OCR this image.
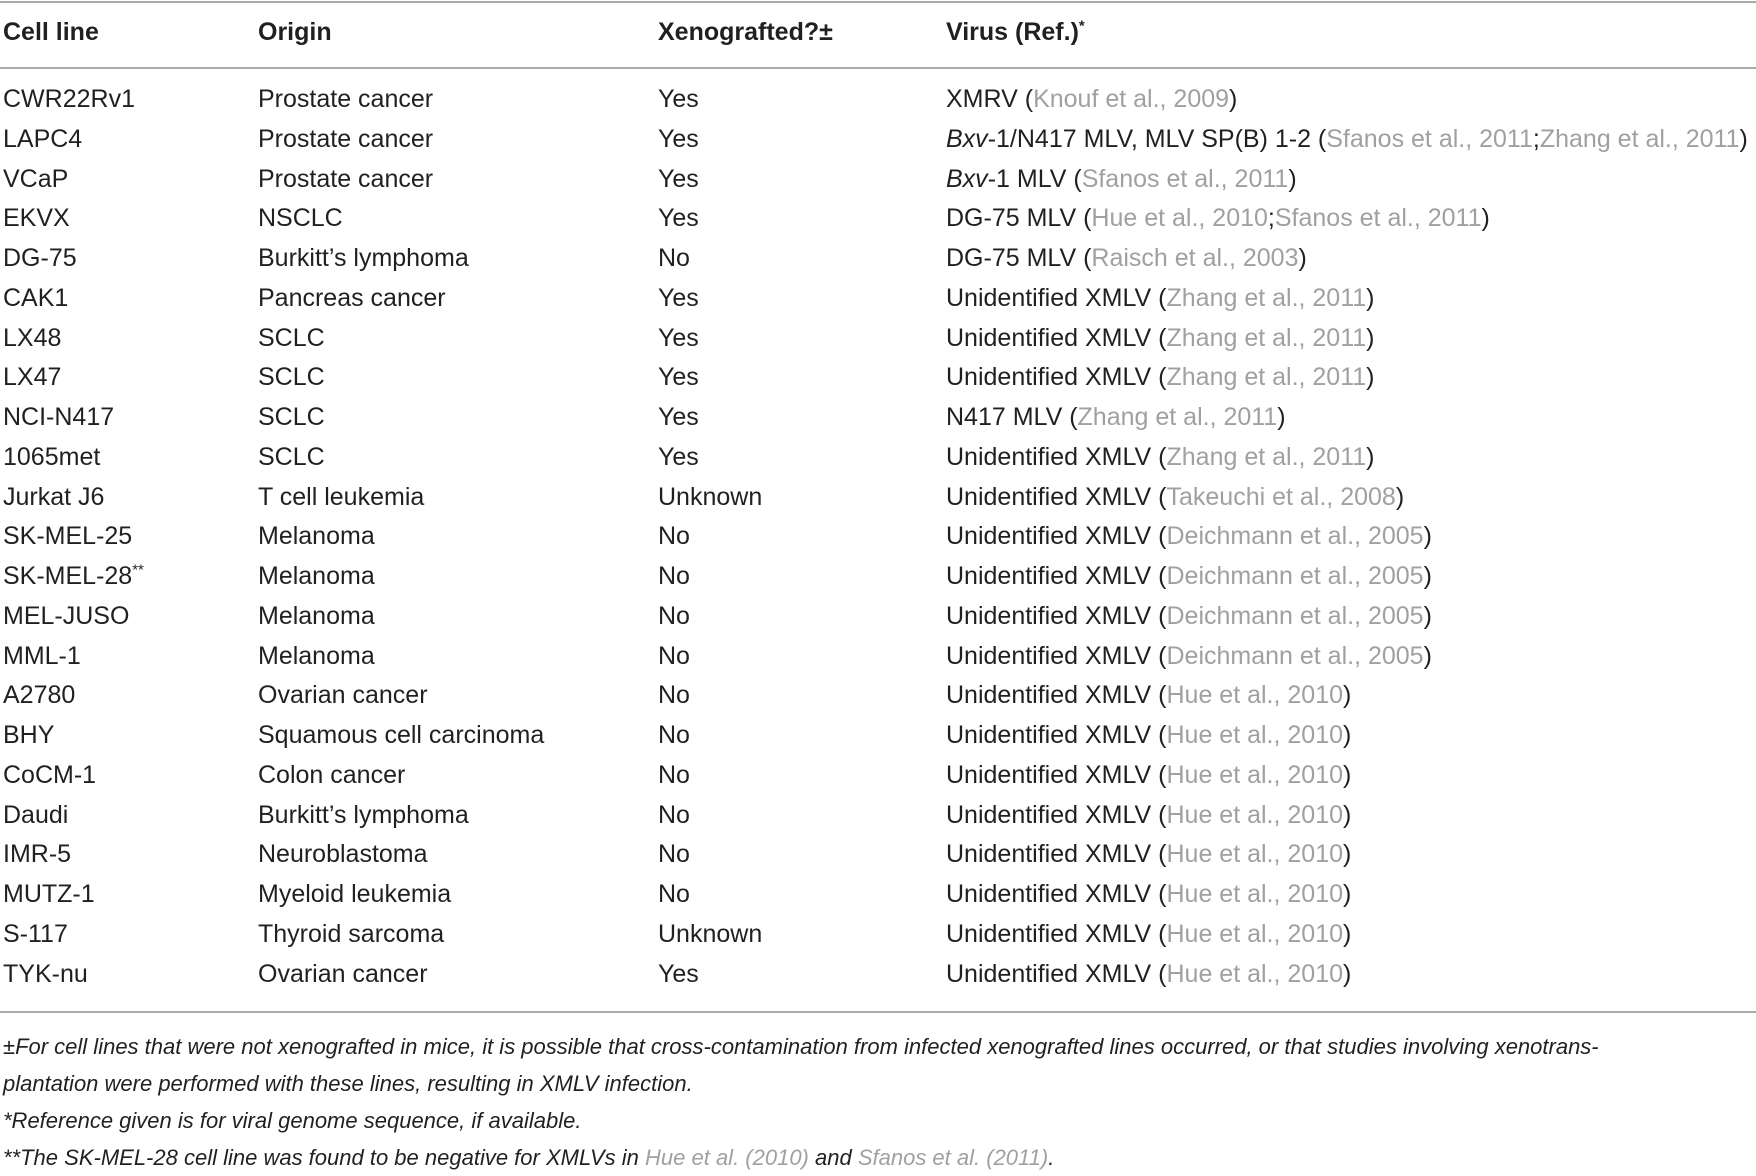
Cell line	Origin	Xenografted?±	Virus (Ref.)*
CWR22Rv1	Prostate cancer	Yes	XMRV (Knouf et al., 2009)
LAPC4	Prostate cancer	Yes	Bxv-1/N417 MLV, MLV SP(B) 1-2 (Sfanos et al., 2011;Zhang et al., 2011)
VCaP	Prostate cancer	Yes	Bxv-1 MLV (Sfanos et al., 2011)
EKVX	NSCLC	Yes	DG-75 MLV (Hue et al., 2010;Sfanos et al., 2011)
DG-75	Burkitt’s lymphoma	No	DG-75 MLV (Raisch et al., 2003)
CAK1	Pancreas cancer	Yes	Unidentified XMLV (Zhang et al., 2011)
LX48	SCLC	Yes	Unidentified XMLV (Zhang et al., 2011)
LX47	SCLC	Yes	Unidentified XMLV (Zhang et al., 2011)
NCI-N417	SCLC	Yes	N417 MLV (Zhang et al., 2011)
1065met	SCLC	Yes	Unidentified XMLV (Zhang et al., 2011)
Jurkat J6	T cell leukemia	Unknown	Unidentified XMLV (Takeuchi et al., 2008)
SK-MEL-25	Melanoma	No	Unidentified XMLV (Deichmann et al., 2005)
SK-MEL-28**	Melanoma	No	Unidentified XMLV (Deichmann et al., 2005)
MEL-JUSO	Melanoma	No	Unidentified XMLV (Deichmann et al., 2005)
MML-1	Melanoma	No	Unidentified XMLV (Deichmann et al., 2005)
A2780	Ovarian cancer	No	Unidentified XMLV (Hue et al., 2010)
BHY	Squamous cell carcinoma	No	Unidentified XMLV (Hue et al., 2010)
CoCM-1	Colon cancer	No	Unidentified XMLV (Hue et al., 2010)
Daudi	Burkitt’s lymphoma	No	Unidentified XMLV (Hue et al., 2010)
IMR-5	Neuroblastoma	No	Unidentified XMLV (Hue et al., 2010)
MUTZ-1	Myeloid leukemia	No	Unidentified XMLV (Hue et al., 2010)
S-117	Thyroid sarcoma	Unknown	Unidentified XMLV (Hue et al., 2010)
TYK-nu	Ovarian cancer	Yes	Unidentified XMLV (Hue et al., 2010)
±For cell lines that were not xenografted in mice, it is possible that cross-contamination from infected xenografted lines occurred, or that studies involving xenotrans-
plantation were performed with these lines, resulting in XMLV infection.
*Reference given is for viral genome sequence, if available.
**The SK-MEL-28 cell line was found to be negative for XMLVs in Hue et al. (2010) and Sfanos et al. (2011).
